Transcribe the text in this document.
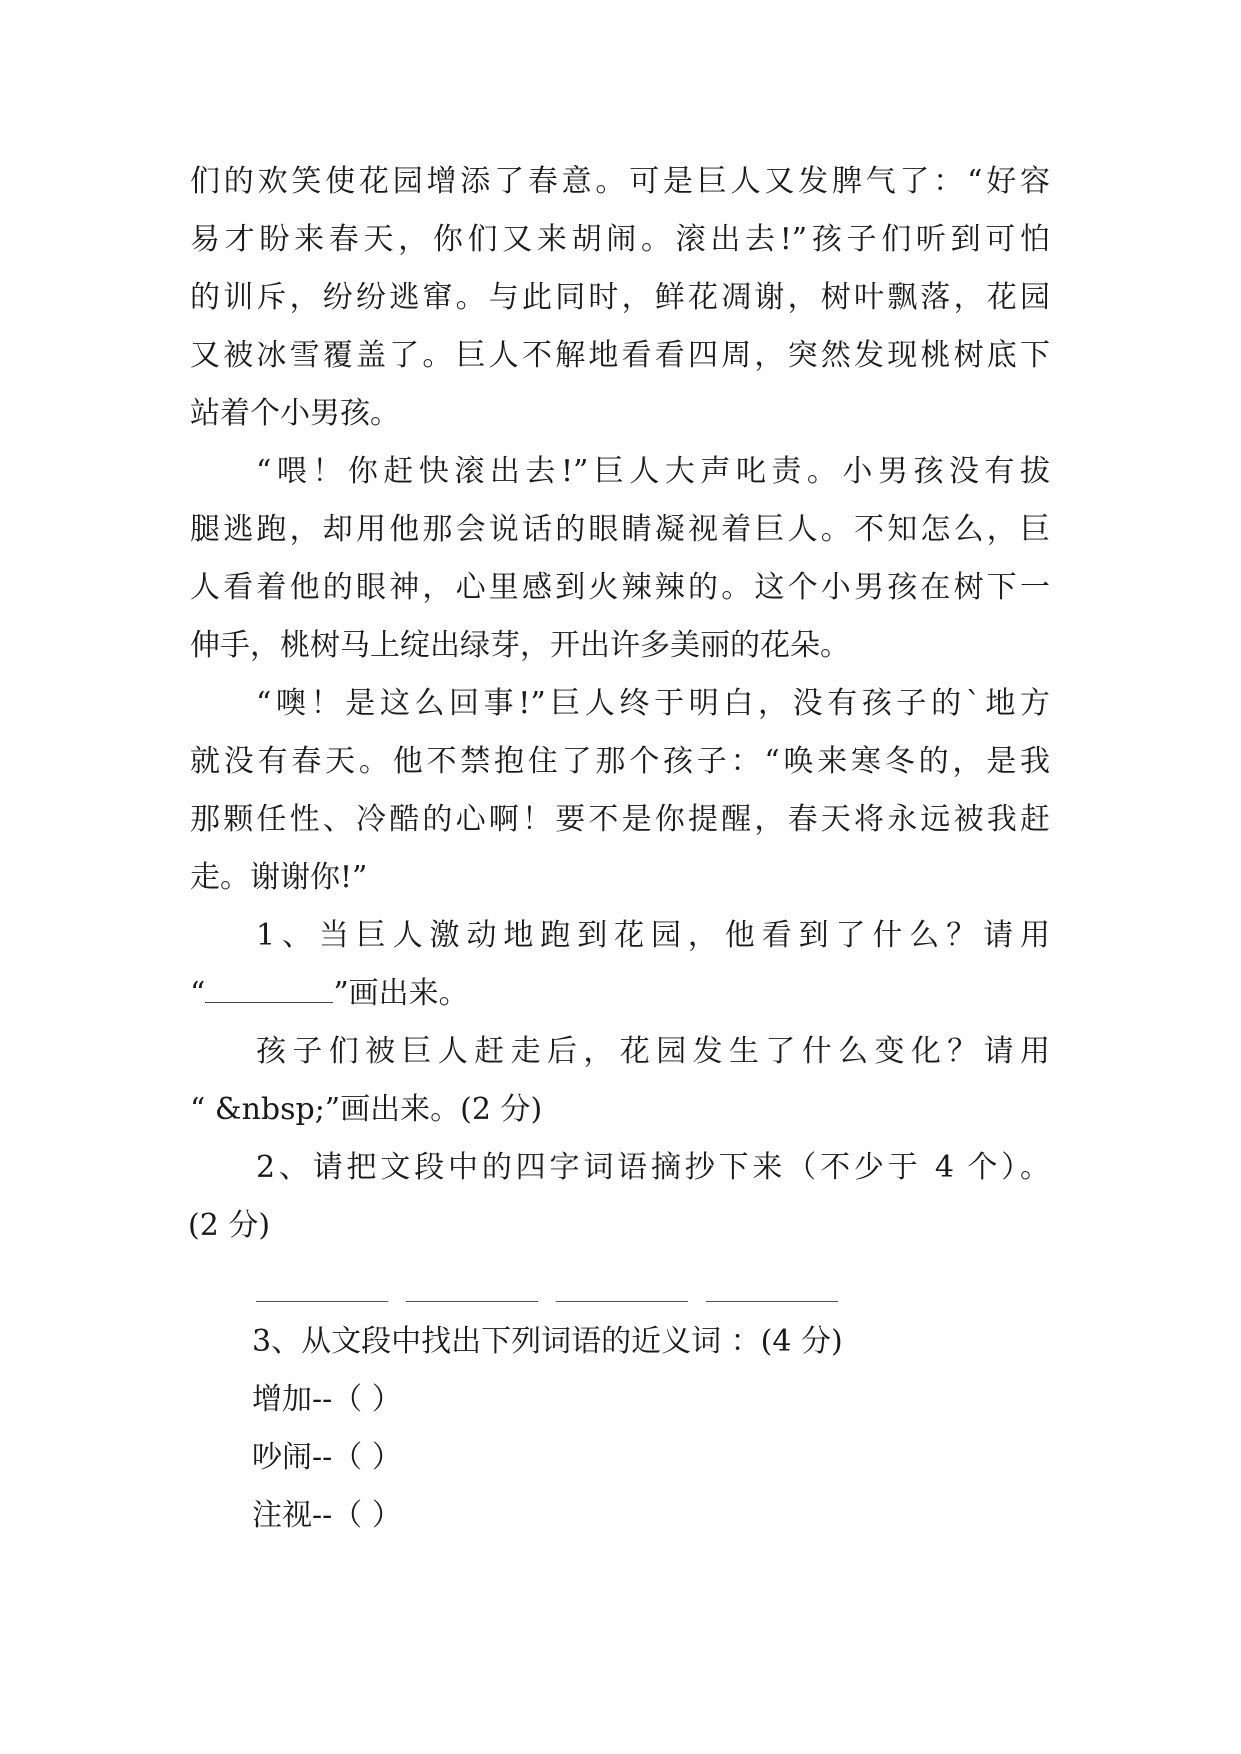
们的欢笑使花园增添了春意。可是巨人又发脾气了：“好容
易才盼来春天，你们又来胡闹。滚出去!”孩子们听到可怕
的训斥，纷纷逃窜。与此同时，鲜花凋谢，树叶飘落，花园
又被冰雪覆盖了。巨人不解地看看四周，突然发现桃树底下
站着个小男孩。
“喂！你赶快滚出去!”巨人大声叱责。小男孩没有拔
腿逃跑，却用他那会说话的眼睛凝视着巨人。不知怎么，巨
人看着他的眼神，心里感到火辣辣的。这个小男孩在树下一
伸手，桃树马上绽出绿芽，开出许多美丽的花朵。
“噢！是这么回事!”巨人终于明白，没有孩子的`地方
就没有春天。他不禁抱住了那个孩子：“唤来寒冬的，是我
那颗任性、冷酷的心啊！要不是你提醒，春天将永远被我赶
走。谢谢你!”
1、当巨人激动地跑到花园，他看到了什么？请用
“	”画出来。
孩子们被巨人赶走后，花园发生了什么变化？请用
“ &nbsp;”画出来。(2 分)
2、请把文段中的四字词语摘抄下来（不少于 4 个）。
(2 分)
3、从文段中找出下列词语的近义词 ：(4 分)
增加--（ ）
吵闹--（ ）
注视--（ ）
